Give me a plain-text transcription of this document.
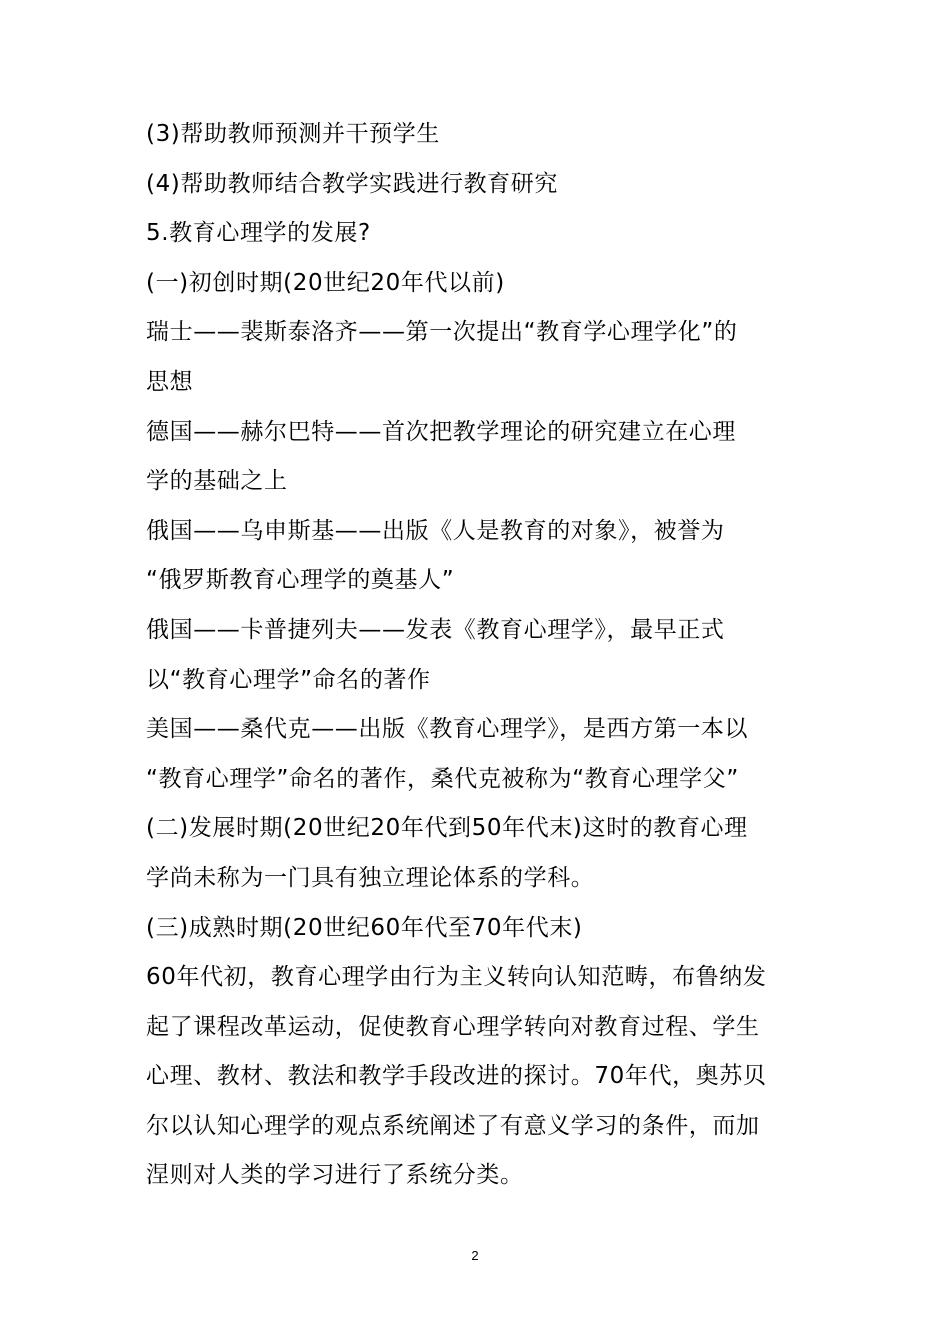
(3)帮助教师预测并干预学生
(4)帮助教师结合教学实践进行教育研究
5.教育心理学的发展?
(一)初创时期(20世纪20年代以前)
瑞士——裴斯泰洛齐——第一次提出“教育学心理学化”的
思想
德国——赫尔巴特——首次把教学理论的研究建立在心理
学的基础之上
俄国——乌申斯基——出版《人是教育的对象》，被誉为
“俄罗斯教育心理学的奠基人”
俄国——卡普捷列夫——发表《教育心理学》，最早正式
以“教育心理学”命名的著作
美国——桑代克——出版《教育心理学》，是西方第一本以
“教育心理学”命名的著作，桑代克被称为“教育心理学父”
(二)发展时期(20世纪20年代到50年代末)这时的教育心理
学尚未称为一门具有独立理论体系的学科。
(三)成熟时期(20世纪60年代至70年代末)
60年代初，教育心理学由行为主义转向认知范畴，布鲁纳发
起了课程改革运动，促使教育心理学转向对教育过程、学生
心理、教材、教法和教学手段改进的探讨。70年代，奥苏贝
尔以认知心理学的观点系统阐述了有意义学习的条件，而加
涅则对人类的学习进行了系统分类。
2
